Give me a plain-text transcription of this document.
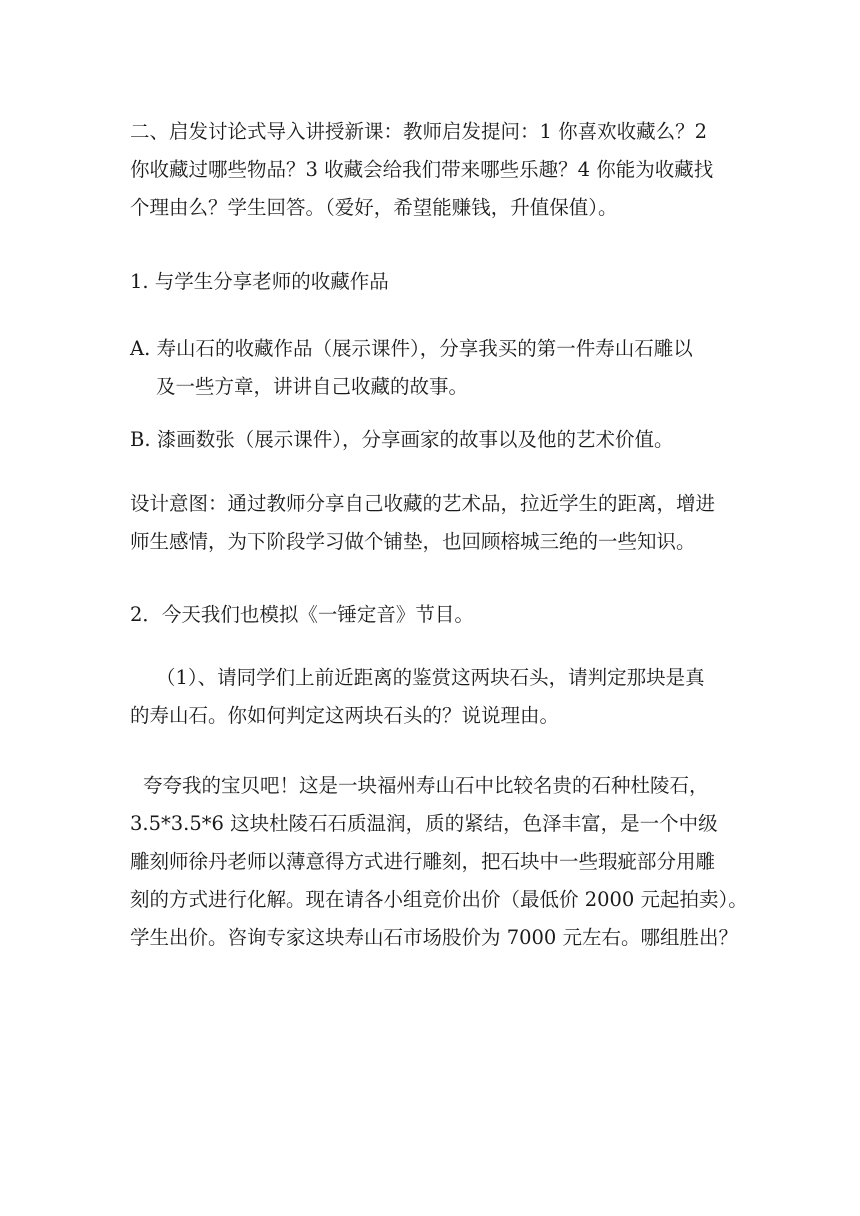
二、启发讨论式导入讲授新课：教师启发提问：1 你喜欢收藏么？2
你收藏过哪些物品？3 收藏会给我们带来哪些乐趣？4 你能为收藏找
个理由么？学生回答。（爱好，希望能赚钱，升值保值）。

1. 与学生分享老师的收藏作品

A. 寿山石的收藏作品（展示课件），分享我买的第一件寿山石雕以
及一些方章，讲讲自己收藏的故事。

B. 漆画数张（展示课件），分享画家的故事以及他的艺术价值。

设计意图：通过教师分享自己收藏的艺术品，拉近学生的距离，增进
师生感情，为下阶段学习做个铺垫，也回顾榕城三绝的一些知识。

2．今天我们也模拟《一锤定音》节目。

（1）、请同学们上前近距离的鉴赏这两块石头，请判定那块是真
的寿山石。你如何判定这两块石头的？说说理由。

夸夸我的宝贝吧！这是一块福州寿山石中比较名贵的石种杜陵石，
3.5*3.5*6 这块杜陵石石质温润，质的紧结，色泽丰富，是一个中级
雕刻师徐丹老师以薄意得方式进行雕刻，把石块中一些瑕疵部分用雕
刻的方式进行化解。现在请各小组竞价出价（最低价 2000 元起拍卖）。
学生出价。咨询专家这块寿山石市场股价为 7000 元左右。哪组胜出？
